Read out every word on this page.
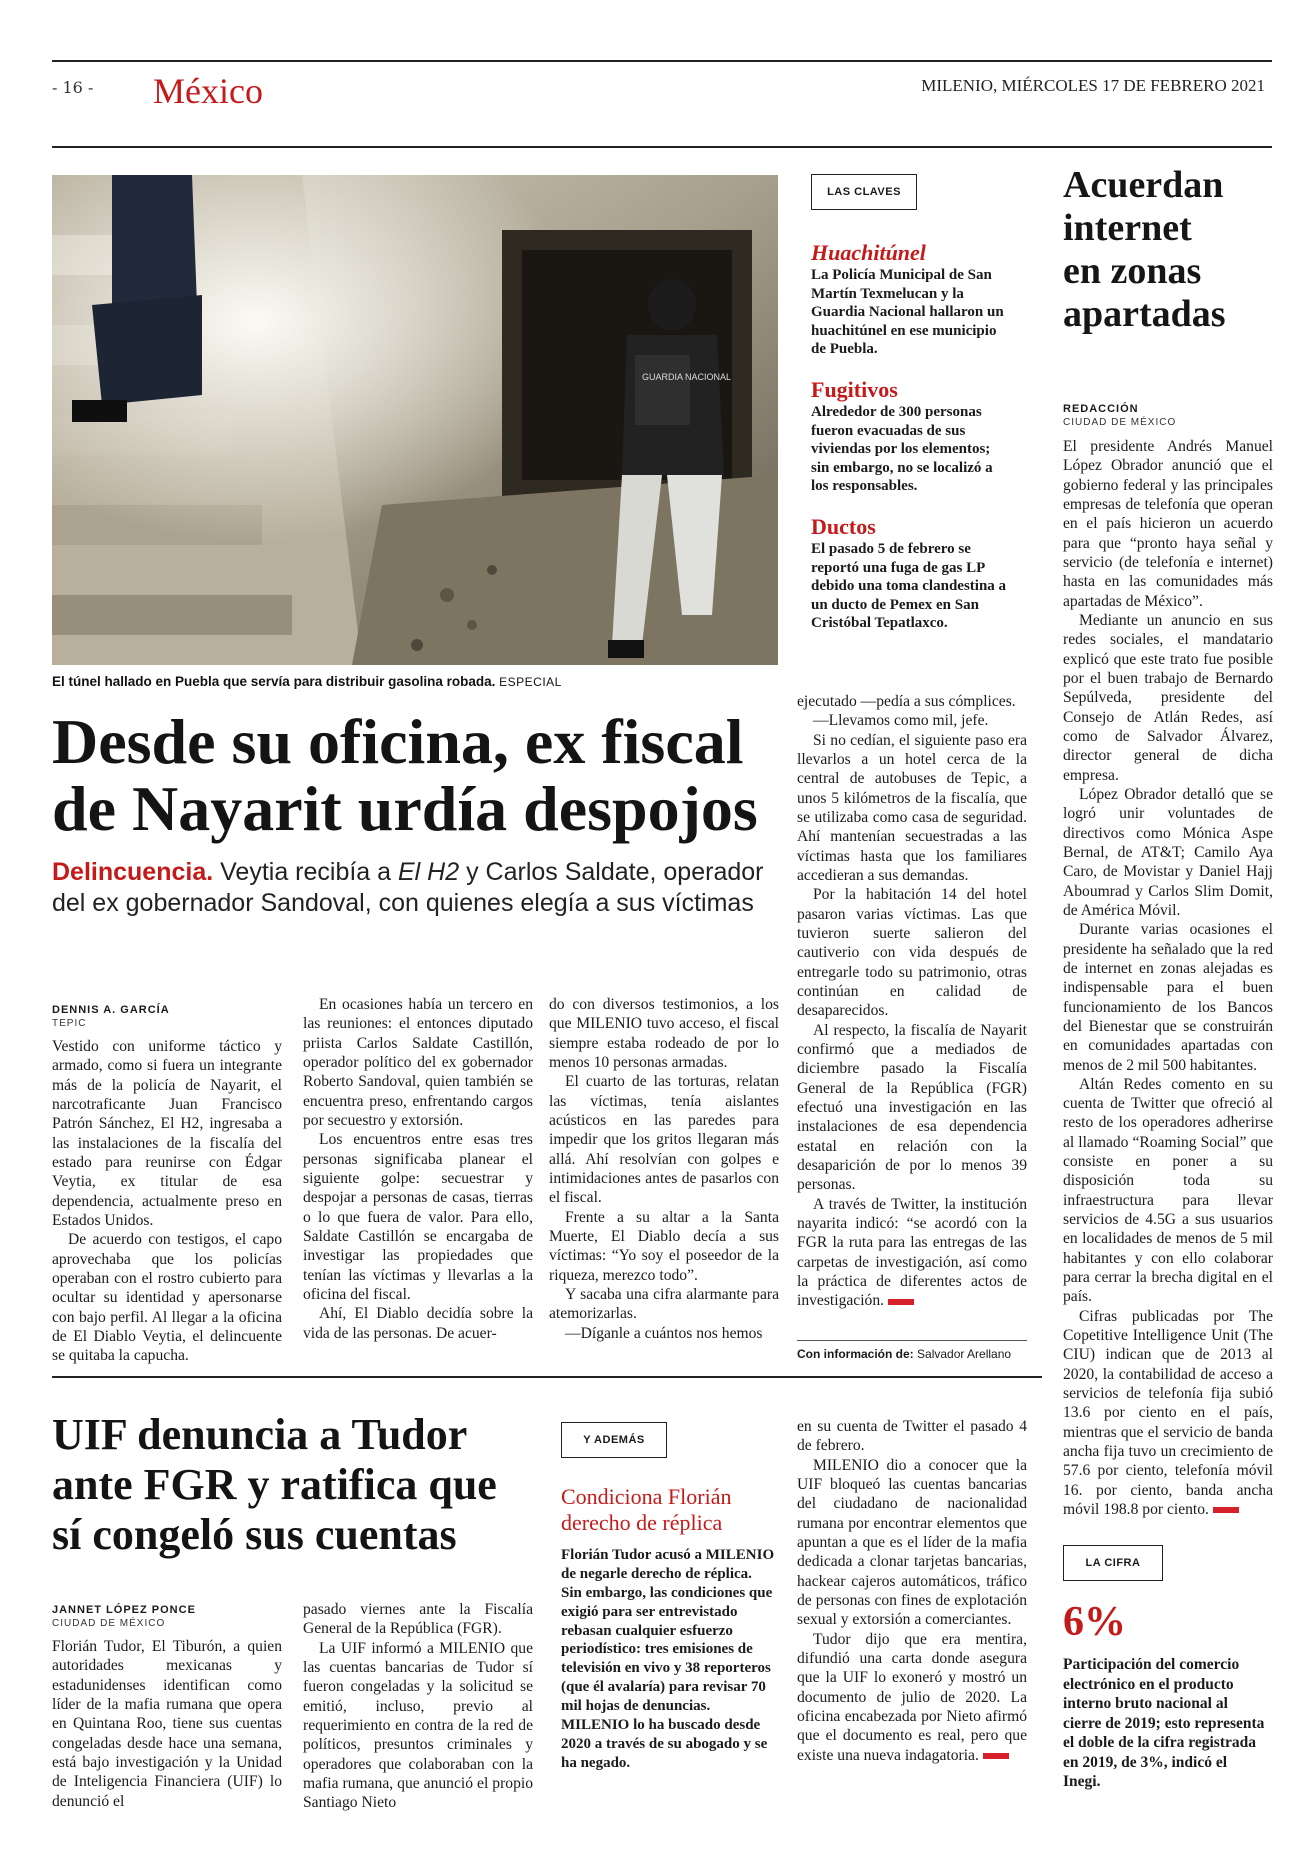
- 16 - México	MILENIO, MIÉRCOLES 17 DE FEBRERO 2021
GUARDIA NACIONAL
El túnel hallado en Puebla que servía para distribuir gasolina robada. ESPECIAL
Desde su oficina, ex fiscal
de Nayarit urdía despojos
Delincuencia. Veytia recibía a El H2 y Carlos Saldate, operador del ex gobernador Sandoval, con quienes elegía a sus víctimas
DENNIS A. GARCÍA
TEPIC

Vestido con uniforme táctico y armado, como si fuera un integrante más de la policía de Nayarit, el narcotraficante Juan Francisco Patrón Sánchez, El H2, ingresaba a las instalaciones de la fiscalía del estado para reunirse con Édgar Veytia, ex titular de esa dependencia, actualmente preso en Estados Unidos.

De acuerdo con testigos, el capo aprovechaba que los policías operaban con el rostro cubierto para ocultar su identidad y apersonarse con bajo perfil. Al llegar a la oficina de El Diablo Veytia, el delincuente se quitaba la capucha.

En ocasiones había un tercero en las reuniones: el entonces diputado priista Carlos Saldate Castillón, operador político del ex gobernador Roberto Sandoval, quien también se encuentra preso, enfrentando cargos por secuestro y extorsión.

Los encuentros entre esas tres personas significaba planear el siguiente golpe: secuestrar y despojar a personas de casas, tierras o lo que fuera de valor. Para ello, Saldate Castillón se encargaba de investigar las propiedades que tenían las víctimas y llevarlas a la oficina del fiscal.

Ahí, El Diablo decidía sobre la vida de las personas. De acuer-

do con diversos testimonios, a los que MILENIO tuvo acceso, el fiscal siempre estaba rodeado de por lo menos 10 personas armadas.

El cuarto de las torturas, relatan las víctimas, tenía aislantes acústicos en las paredes para impedir que los gritos llegaran más allá. Ahí resolvían con golpes e intimidaciones antes de pasarlos con el fiscal.

Frente a su altar a la Santa Muerte, El Diablo decía a sus víctimas: “Yo soy el poseedor de la riqueza, merezco todo”.

Y sacaba una cifra alarmante para atemorizarlas.

—Díganle a cuántos nos hemos

ejecutado —pedía a sus cómplices.

—Llevamos como mil, jefe.

Si no cedían, el siguiente paso era llevarlos a un hotel cerca de la central de autobuses de Tepic, a unos 5 kilómetros de la fiscalía, que se utilizaba como casa de seguridad. Ahí mantenían secuestradas a las víctimas hasta que los familiares accedieran a sus demandas.

Por la habitación 14 del hotel pasaron varias víctimas. Las que tuvieron suerte salieron del cautiverio con vida después de entregarle todo su patrimonio, otras continúan en calidad de desaparecidos.

Al respecto, la fiscalía de Nayarit confirmó que a mediados de diciembre pasado la Fiscalía General de la República (FGR) efectuó una investigación en las instalaciones de esa dependencia estatal en relación con la desaparición de por lo menos 39 personas.

A través de Twitter, la institución nayarita indicó: “se acordó con la FGR la ruta para las entregas de las carpetas de investigación, así como la práctica de diferentes actos de investigación.

Con información de: Salvador Arellano
LAS CLAVES
Huachitúnel
La Policía Municipal de San Martín Texmelucan y la Guardia Nacional hallaron un huachitúnel en ese municipio de Puebla.
Fugitivos
Alrededor de 300 personas fueron evacuadas de sus viviendas por los elementos; sin embargo, no se localizó a los responsables.
Ductos
El pasado 5 de febrero se reportó una fuga de gas LP debido una toma clandestina a un ducto de Pemex en San Cristóbal Tepatlaxco.
Acuerdan
internet
en zonas
apartadas
REDACCIÓN
CIUDAD DE MÉXICO

El presidente Andrés Manuel López Obrador anunció que el gobierno federal y las principales empresas de telefonía que operan en el país hicieron un acuerdo para que “pronto haya señal y servicio (de telefonía e internet) hasta en las comunidades más apartadas de México”.

Mediante un anuncio en sus redes sociales, el mandatario explicó que este trato fue posible por el buen trabajo de Bernardo Sepúlveda, presidente del Consejo de Atlán Redes, así como de Salvador Álvarez, director general de dicha empresa.

López Obrador detalló que se logró unir voluntades de directivos como Mónica Aspe Bernal, de AT&T; Camilo Aya Caro, de Movistar y Daniel Hajj Aboumrad y Carlos Slim Domit, de América Móvil.

Durante varias ocasiones el presidente ha señalado que la red de internet en zonas alejadas es indispensable para el buen funcionamiento de los Bancos del Bienestar que se construirán en comunidades apartadas con menos de 2 mil 500 habitantes.

Altán Redes comento en su cuenta de Twitter que ofreció al resto de los operadores adherirse al llamado “Roaming Social” que consiste en poner a su disposición toda su infraestructura para llevar servicios de 4.5G a sus usuarios en localidades de menos de 5 mil habitantes y con ello colaborar para cerrar la brecha digital en el país.

Cifras publicadas por The Copetitive Intelligence Unit (The CIU) indican que de 2013 al 2020, la contabilidad de acceso a servicios de telefonía fija subió 13.6 por ciento en el país, mientras que el servicio de banda ancha fija tuvo un crecimiento de 57.6 por ciento, telefonía móvil 16. por ciento, banda ancha móvil 198.8 por ciento.

LA CIFRA
6%
Participación del comercio electrónico en el producto interno bruto nacional al cierre de 2019; esto representa el doble de la cifra registrada en 2019, de 3%, indicó el Inegi.
UIF denuncia a Tudor
ante FGR y ratifica que
sí congeló sus cuentas
JANNET LÓPEZ PONCE
CIUDAD DE MÉXICO

Florián Tudor, El Tiburón, a quien autoridades mexicanas y estadunidenses identifican como líder de la mafia rumana que opera en Quintana Roo, tiene sus cuentas congeladas desde hace una semana, está bajo investigación y la Unidad de Inteligencia Financiera (UIF) lo denunció el

pasado viernes ante la Fiscalía General de la República (FGR).

La UIF informó a MILENIO que las cuentas bancarias de Tudor sí fueron congeladas y la solicitud se emitió, incluso, previo al requerimiento en contra de la red de políticos, presuntos criminales y operadores que colaboraban con la mafia rumana, que anunció el propio Santiago Nieto

Y ADEMÁS
Condiciona Florián derecho de réplica
Florián Tudor acusó a MILENIO de negarle derecho de réplica. Sin embargo, las condiciones que exigió para ser entrevistado rebasan cualquier esfuerzo periodístico: tres emisiones de televisión en vivo y 38 reporteros (que él avalaría) para revisar 70 mil hojas de denuncias. MILENIO lo ha buscado desde 2020 a través de su abogado y se ha negado.

en su cuenta de Twitter el pasado 4 de febrero.

MILENIO dio a conocer que la UIF bloqueó las cuentas bancarias del ciudadano de nacionalidad rumana por encontrar elementos que apuntan a que es el líder de la mafia dedicada a clonar tarjetas bancarias, hackear cajeros automáticos, tráfico de personas con fines de explotación sexual y extorsión a comerciantes.

Tudor dijo que era mentira, difundió una carta donde asegura que la UIF lo exoneró y mostró un documento de julio de 2020. La oficina encabezada por Nieto afirmó que el documento es real, pero que existe una nueva indagatoria.
